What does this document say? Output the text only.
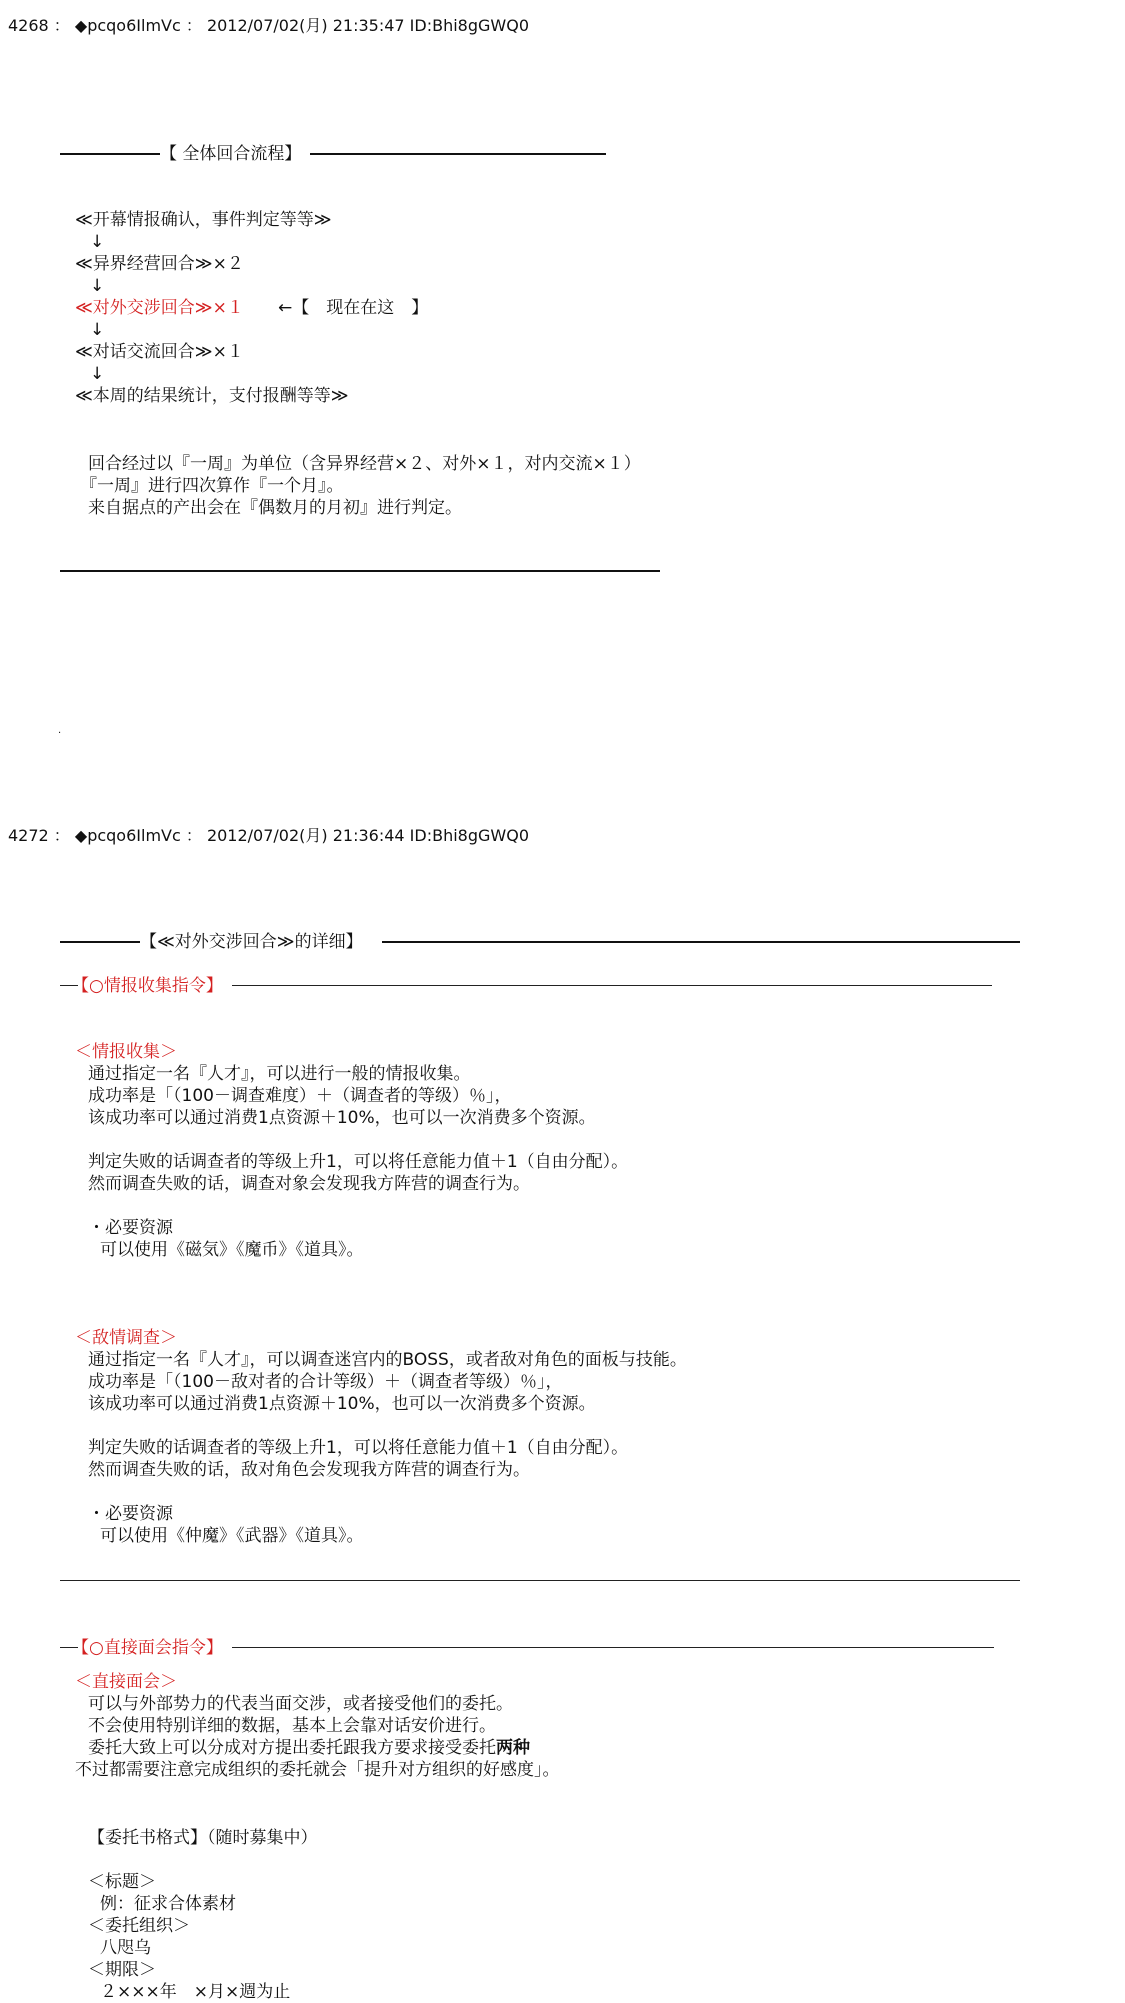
4268 ： ◆pcqo6IlmVc ： 2012/07/02(月) 21:35:47 ID:Bhi8gGWQ0
【 全体回合流程】
≪开幕情报确认，事件判定等等≫
↓
≪异界经营回合≫×２
↓
≪对外交涉回合≫×１ ←【　现在在这　】
↓
≪对话交流回合≫×１
↓
≪本周的结果统计，支付报酬等等≫
回合经过以『一周』为单位（含异界经营×２、对外×１，对内交流×１）
『一周』进行四次算作『一个月』。
来自据点的产出会在『偶数月的月初』进行判定。
.
4272 ： ◆pcqo6IlmVc ： 2012/07/02(月) 21:36:44 ID:Bhi8gGWQ0
【≪对外交涉回合≫的详细】
【○情报收集指令】
＜情报收集＞
通过指定一名『人才』，可以进行一般的情报收集。
成功率是「（100－调查难度）＋（调查者的等级）％」，
该成功率可以通过消费1点资源＋10%，也可以一次消费多个资源。
判定失败的话调查者的等级上升1，可以将任意能力值＋1（自由分配）。
然而调查失败的话，调查对象会发现我方阵营的调查行为。
・必要资源
可以使用《磁気》《魔币》《道具》。
＜敌情调查＞
通过指定一名『人才』，可以调查迷宫内的BOSS，或者敌对角色的面板与技能。
成功率是「（100－敌对者的合计等级）＋（调查者等级）％」，
该成功率可以通过消费1点资源＋10%，也可以一次消费多个资源。
判定失败的话调查者的等级上升1，可以将任意能力值＋1（自由分配）。
然而调查失败的话，敌对角色会发现我方阵营的调查行为。
・必要资源
可以使用《仲魔》《武器》《道具》。
【○直接面会指令】
＜直接面会＞
可以与外部势力的代表当面交涉，或者接受他们的委托。
不会使用特别详细的数据，基本上会靠对话安价进行。
委托大致上可以分成对方提出委托跟我方要求接受委托两种
不过都需要注意完成组织的委托就会「提升对方组织的好感度」。
【委托书格式】（随时募集中）
＜标题＞
例：征求合体素材
＜委托组织＞
八咫乌
＜期限＞
２×××年　×月×週为止
